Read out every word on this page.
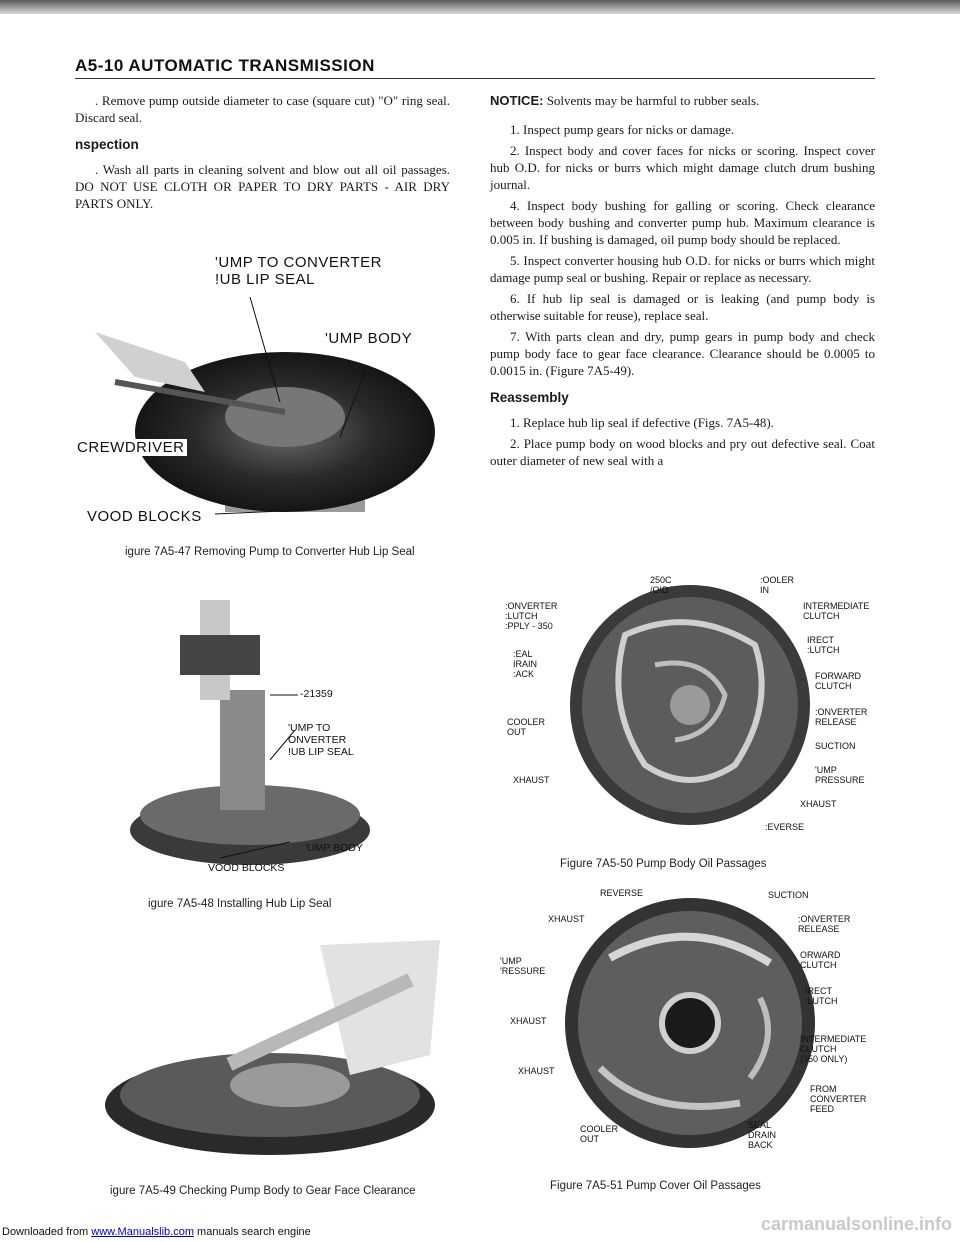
A5-10 AUTOMATIC TRANSMISSION

. Remove pump outside diameter to case (square cut) "O" ring seal. Discard seal.

nspection

. Wash all parts in cleaning solvent and blow out all oil passages. DO NOT USE CLOTH OR PAPER TO DRY PARTS - AIR DRY PARTS ONLY.

'UMP TO CONVERTER
!UB LIP SEAL
'UMP BODY
CREWDRIVER
VOOD BLOCKS
igure 7A5-47 Removing Pump to Converter Hub Lip Seal
-21359
'UMP TO
ONVERTER
!UB LIP SEAL
'UMP BODY
VOOD BLOCKS
igure 7A5-48 Installing Hub Lip Seal
igure 7A5-49 Checking Pump Body to Gear Face Clearance

NOTICE: Solvents may be harmful to rubber seals.

1. Inspect pump gears for nicks or damage.

2. Inspect body and cover faces for nicks or scoring. Inspect cover hub O.D. for nicks or burrs which might damage clutch drum bushing journal.

4. Inspect body bushing for galling or scoring. Check clearance between body bushing and converter pump hub. Maximum clearance is 0.005 in. If bushing is damaged, oil pump body should be replaced.

5. Inspect converter housing hub O.D. for nicks or burrs which might damage pump seal or bushing. Repair or replace as necessary.

6. If hub lip seal is damaged or is leaking (and pump body is otherwise suitable for reuse), replace seal.

7. With parts clean and dry, pump gears in pump body and check pump body face to gear face clearance. Clearance should be 0.0005 to 0.0015 in. (Figure 7A5-49).

Reassembly

1. Replace hub lip seal if defective (Figs. 7A5-48).

2. Place pump body on wood blocks and pry out defective seal. Coat outer diameter of new seal with a

250C
/OID
:OOLER
IN
:ONVERTER
:LUTCH
:PPLY - 350
INTERMEDIATE
CLUTCH
IRECT
:LUTCH
:EAL
IRAIN
:ACK	FORWARD
CLUTCH
COOLER
OUT
:ONVERTER
RELEASE
SUCTION
XHAUST
'UMP
PRESSURE
XHAUST
:EVERSE
Figure 7A5-50 Pump Body Oil Passages
REVERSE	SUCTION
XHAUST	:ONVERTER
RELEASE
'UMP
'RESSURE
ORWARD
CLUTCH
IRECT
:LUTCH
XHAUST
INTERMEDIATE
CLUTCH
(350 ONLY)
XHAUST
FROM
CONVERTER
FEED
COOLER
OUT
SEAL
DRAIN
BACK
Figure 7A5-51 Pump Cover Oil Passages
Downloaded from www.Manualslib.com manuals search engine	carmanualsonline.info
